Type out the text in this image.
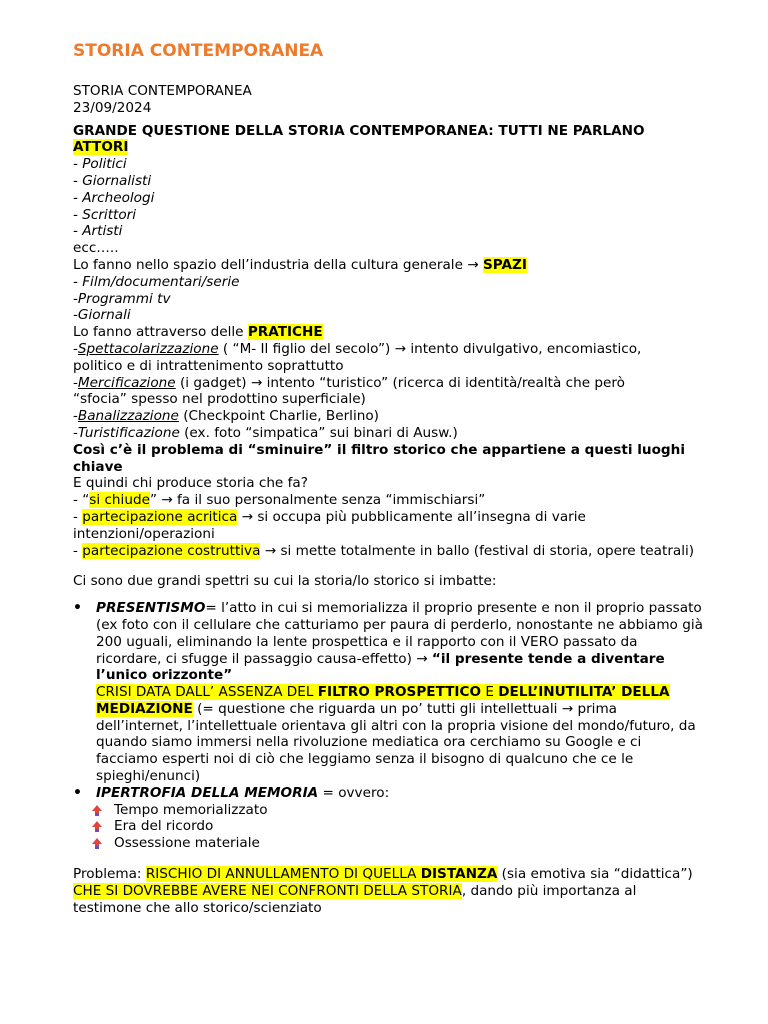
STORIA CONTEMPORANEA
STORIA CONTEMPORANEA
23/09/2024
GRANDE QUESTIONE DELLA STORIA CONTEMPORANEA: TUTTI NE PARLANO
ATTORI
- Politici
- Giornalisti
- Archeologi
- Scrittori
- Artisti
ecc…..
Lo fanno nello spazio dell’industria della cultura generale → SPAZI
- Film/documentari/serie
-Programmi tv
-Giornali
Lo fanno attraverso delle PRATICHE
-Spettacolarizzazione ( “M- Il figlio del secolo”) → intento divulgativo, encomiastico,
politico e di intrattenimento soprattutto
-Mercificazione (i gadget) → intento “turistico” (ricerca di identità/realtà che però
“sfocia” spesso nel prodottino superficiale)
-Banalizzazione (Checkpoint Charlie, Berlino)
-Turistificazione (ex. foto “simpatica” sui binari di Ausw.)
Così c’è il problema di “sminuire” il filtro storico che appartiene a questi luoghi chiave
E quindi chi produce storia che fa?
- “si chiude” → fa il suo personalmente senza “immischiarsi”
- partecipazione acritica → si occupa più pubblicamente all’insegna di varie intenzioni/operazioni
- partecipazione costruttiva → si mette totalmente in ballo (festival di storia, opere teatrali)
Ci sono due grandi spettri su cui la storia/lo storico si imbatte:
• PRESENTISMO= l’atto in cui si memorializza il proprio presente e non il proprio passato (ex foto con il cellulare che catturiamo per paura di perderlo, nonostante ne abbiamo già 200 uguali, eliminando la lente prospettica e il rapporto con il VERO passato da ricordare, ci sfugge il passaggio causa-effetto) → “il presente tende a diventare l’unico orizzonte”
CRISI DATA DALL’ ASSENZA DEL FILTRO PROSPETTICO E DELL’INUTILITA’ DELLA MEDIAZIONE (= questione che riguarda un po’ tutti gli intellettuali → prima dell’internet, l’intellettuale orientava gli altri con la propria visione del mondo/futuro, da quando siamo immersi nella rivoluzione mediatica ora cerchiamo su Google e ci facciamo esperti noi di ciò che leggiamo senza il bisogno di qualcuno che ce le spieghi/enunci)
• IPERTROFIA DELLA MEMORIA = ovvero:
Tempo memorializzato
Era del ricordo
Ossessione materiale
Problema: RISCHIO DI ANNULLAMENTO DI QUELLA DISTANZA (sia emotiva sia “didattica”) CHE SI DOVREBBE AVERE NEI CONFRONTI DELLA STORIA, dando più importanza al testimone che allo storico/scienziato
